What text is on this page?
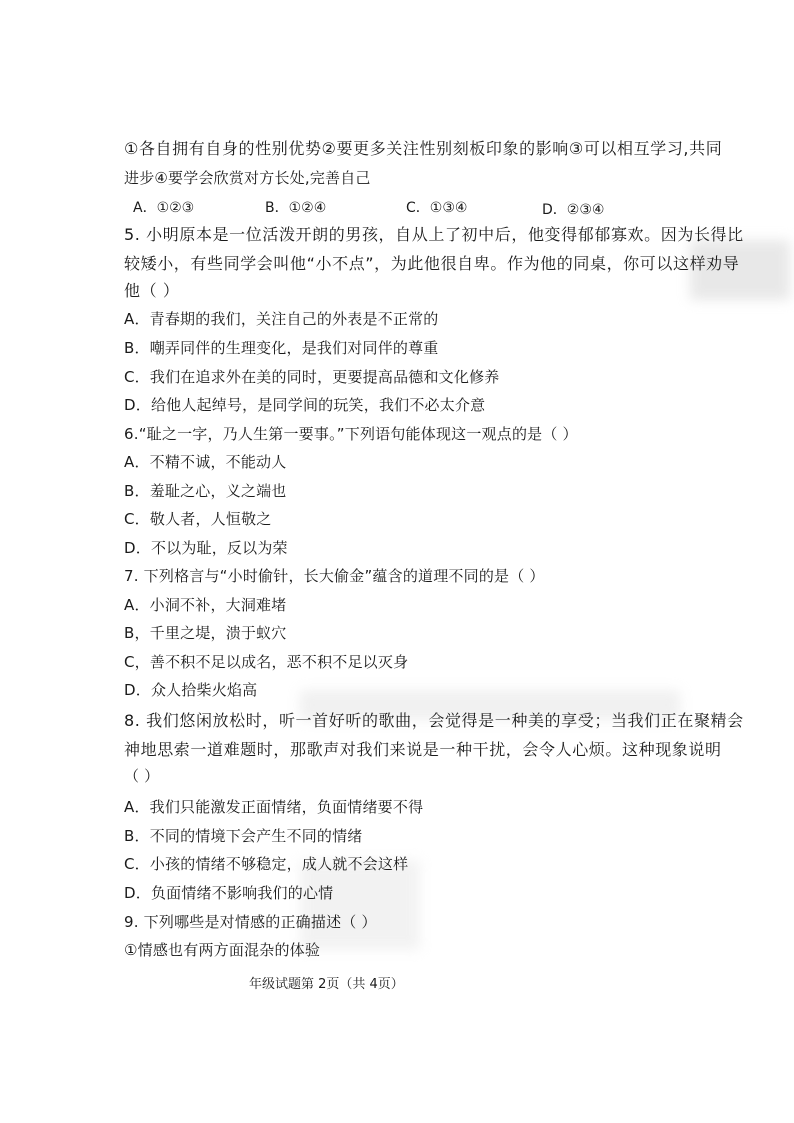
①各自拥有自身的性别优势②要更多关注性别刻板印象的影响③可以相互学习,共同
进步④要学会欣赏对方长处,完善自己
A．①②③	B．①②④	C．①③④	D．②③④
5. 小明原本是一位活泼开朗的男孩，自从上了初中后，他变得郁郁寡欢。因为长得比
较矮小，有些同学会叫他“小不点”，为此他很自卑。作为他的同桌，你可以这样劝导
他（ ）
A．青春期的我们，关注自己的外表是不正常的
B．嘲弄同伴的生理变化，是我们对同伴的尊重
C．我们在追求外在美的同时，更要提高品德和文化修养
D．给他人起绰号，是同学间的玩笑，我们不必太介意
6.“耻之一字，乃人生第一要事。”下列语句能体现这一观点的是（ ）
A．不精不诚，不能动人
B．羞耻之心，义之端也
C．敬人者，人恒敬之
D．不以为耻，反以为荣
7. 下列格言与“小时偷针，长大偷金”蕴含的道理不同的是（ ）
A．小洞不补，大洞难堵
B，千里之堤，溃于蚁穴
C，善不积不足以成名，恶不积不足以灭身
D．众人拾柴火焰高
8. 我们悠闲放松时，听一首好听的歌曲，会觉得是一种美的享受；当我们正在聚精会
神地思索一道难题时，那歌声对我们来说是一种干扰，会令人心烦。这种现象说明
（ ）
A．我们只能激发正面情绪，负面情绪要不得
B．不同的情境下会产生不同的情绪
C．小孩的情绪不够稳定，成人就不会这样
D．负面情绪不影响我们的心情
9. 下列哪些是对情感的正确描述（ ）
①情感也有两方面混杂的体验
年级试题第 2页（共 4页）
